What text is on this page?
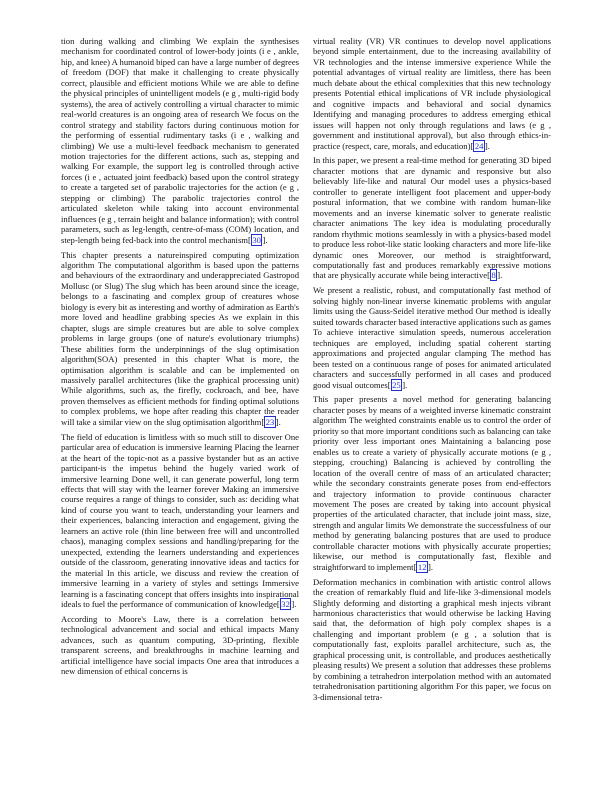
tion during walking and climbing We explain the synthesises mechanism for coordinated control of lower-body joints (i e , ankle, hip, and knee) A humanoid biped can have a large number of degrees of freedom (DOF) that make it challenging to create physically correct, plausible and efficient motions While we are able to define the physical principles of unintelligent models (e g , multi-rigid body systems), the area of actively controlling a virtual character to mimic real-world creatures is an ongoing area of research We focus on the control strategy and stability factors during continuous motion for the performing of essential rudimentary tasks (i e , walking and climbing) We use a multi-level feedback mechanism to generated motion trajectories for the different actions, such as, stepping and walking For example, the support leg is controlled through active forces (i e , actuated joint feedback) based upon the control strategy to create a targeted set of parabolic trajectories for the action (e g , stepping or climbing) The parabolic trajectories control the articulated skeleton while taking into account environmental influences (e g , terrain height and balance information); with control parameters, such as leg-length, centre-of-mass (COM) location, and step-length being fed-back into the control mechanism[ 30 ].

This chapter presents a natureinspired computing optimization algorithm The computational algorithm is based upon the patterns and behaviours of the extraordinary and underappreciated Gastropod Mollusc (or Slug) The slug which has been around since the iceage, belongs to a fascinating and complex group of creatures whose biology is every bit as interesting and worthy of admiration as Earth's more loved and headline grabbing species As we explain in this chapter, slugs are simple creatures but are able to solve complex problems in large groups (one of nature's evolutionary triumphs) These abilities form the underpinnings of the slug optimisation algorithm(SOA) presented in this chapter What is more, the optimisation algorithm is scalable and can be implemented on massively parallel architectures (like the graphical processing unit) While algorithms, such as, the firefly, cockroach, and bee, have proven themselves as efficient methods for finding optimal solutions to complex problems, we hope after reading this chapter the reader will take a similar view on the slug optimisation algorithm[ 23 ].

The field of education is limitless with so much still to discover One particular area of education is immersive learning Placing the learner at the heart of the topic-not as a passive bystander but as an active participant-is the impetus behind the hugely varied work of immersive learning Done well, it can generate powerful, long term effects that will stay with the learner forever Making an immersive course requires a range of things to consider, such as: deciding what kind of course you want to teach, understanding your learners and their experiences, balancing interaction and engagement, giving the learners an active role (thin line between free will and uncontrolled chaos), managing complex sessions and handling/preparing for the unexpected, extending the learners understanding and experiences outside of the classroom, generating innovative ideas and tactics for the material In this article, we discuss and review the creation of immersive learning in a variety of styles and settings Immersive learning is a fascinating concept that offers insights into inspirational ideals to fuel the performance of communication of knowledge[ 32 ].

According to Moore's Law, there is a correlation between technological advancement and social and ethical impacts Many advances, such as quantum computing, 3D-printing, flexible transparent screens, and breakthroughs in machine learning and artificial intelligence have social impacts One area that introduces a new dimension of ethical concerns is

virtual reality (VR) VR continues to develop novel applications beyond simple entertainment, due to the increasing availability of VR technologies and the intense immersive experience While the potential advantages of virtual reality are limitless, there has been much debate about the ethical complexities that this new technology presents Potential ethical implications of VR include physiological and cognitive impacts and behavioral and social dynamics Identifying and managing procedures to address emerging ethical issues will happen not only through regulations and laws (e g , government and institutional approval), but also through ethics-in-practice (respect, care, morals, and education)[ 24 ].

In this paper, we present a real-time method for generating 3D biped character motions that are dynamic and responsive but also believably life-like and natural Our model uses a physics-based controller to generate intelligent foot placement and upper-body postural information, that we combine with random human-like movements and an inverse kinematic solver to generate realistic character animations The key idea is modulating procedurally random rhythmic motions seamlessly in with a physics-based model to produce less robot-like static looking characters and more life-like dynamic ones Moreover, our method is straightforward, computationally fast and produces remarkably expressive motions that are physically accurate while being interactive[ 8 ].

We present a realistic, robust, and computationally fast method of solving highly non-linear inverse kinematic problems with angular limits using the Gauss-Seidel iterative method Our method is ideally suited towards character based interactive applications such as games To achieve interactive simulation speeds, numerous acceleration techniques are employed, including spatial coherent starting approximations and projected angular clamping The method has been tested on a continuous range of poses for animated articulated characters and successfully performed in all cases and produced good visual outcomes[ 25 ].

This paper presents a novel method for generating balancing character poses by means of a weighted inverse kinematic constraint algorithm The weighted constraints enable us to control the order of priority so that more important conditions such as balancing can take priority over less important ones Maintaining a balancing pose enables us to create a variety of physically accurate motions (e g , stepping, crouching) Balancing is achieved by controlling the location of the overall centre of mass of an articulated character; while the secondary constraints generate poses from end-effectors and trajectory information to provide continuous character movement The poses are created by taking into account physical properties of the articulated character, that include joint mass, size, strength and angular limits We demonstrate the successfulness of our method by generating balancing postures that are used to produce controllable character motions with physically accurate properties; likewise, our method is computationally fast, flexible and straightforward to implement[ 12 ].

Deformation mechanics in combination with artistic control allows the creation of remarkably fluid and life-like 3-dimensional models Slightly deforming and distorting a graphical mesh injects vibrant harmonious characteristics that would otherwise be lacking Having said that, the deformation of high poly complex shapes is a challenging and important problem (e g , a solution that is computationally fast, exploits parallel architecture, such as, the graphical processing unit, is controllable, and produces aesthetically pleasing results) We present a solution that addresses these problems by combining a tetrahedron interpolation method with an automated tetrahedronisation partitioning algorithm For this paper, we focus on 3-dimensional tetra-
